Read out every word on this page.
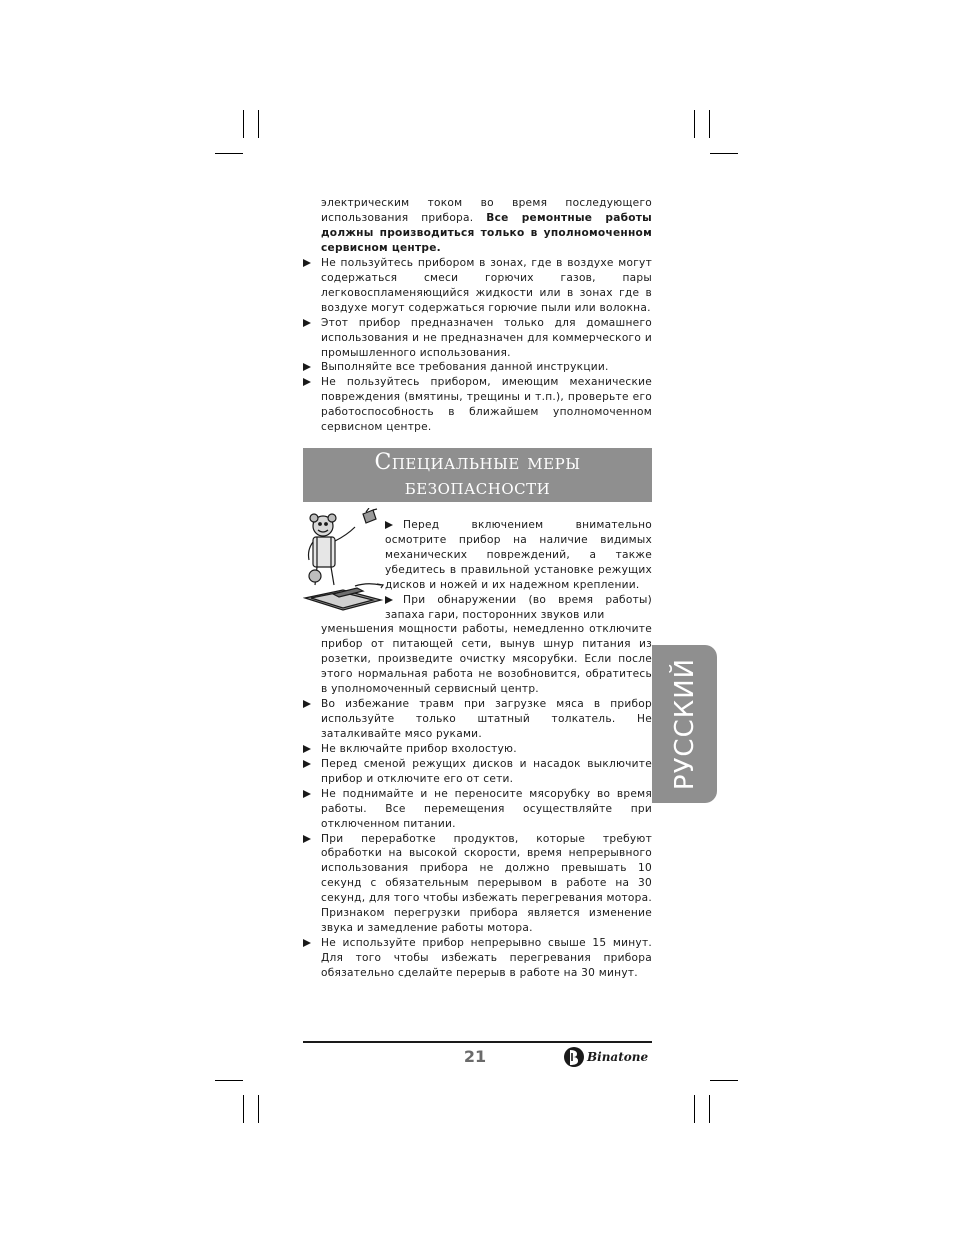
электрическим током во время последующего использования прибора. Все ремонтные работы должны производиться только в уполномоченном сервисном центре.

Не пользуйтесь прибором в зонах, где в воздухе могут содержаться смеси горючих газов, пары легковоспламеняющийся жидкости или в зонах где в воздухе могут содержаться горючие пыли или волокна.

Этот прибор предназначен только для домашнего использования и не предназначен для коммерческого и промышленного использования.

Выполняйте все требования данной инструкции.

Не пользуйтесь прибором, имеющим механические повреждения (вмятины, трещины и т.п.), проверьте его работоспособность в ближайшем уполномоченном сервисном центре.

Специальные меры
безопасности
РУССКИЙ

Перед включением внимательно осмотрите прибор на наличие видимых механических повреждений, а также убедитесь в правильной установке режущих дисков и ножей и их надежном креплении.

При обнаружении (во время работы) запаха гари, посторонних звуков или

уменьшения мощности работы, немедленно отключите прибор от питающей сети, вынув шнур питания из розетки, произведите очистку мясорубки. Если после этого нормальная работа не возобновится, обратитесь в уполномоченный сервисный центр.

Во избежание травм при загрузке мяса в прибор используйте только штатный толкатель. Не заталкивайте мясо руками.

Не включайте прибор вхолостую.

Перед сменой режущих дисков и насадок выключите прибор и отключите его от сети.

Не поднимайте и не переносите мясорубку во время работы. Все перемещения осуществляйте при отключенном питании.

При переработке продуктов, которые требуют обработки на высокой скорости, время непрерывного использования прибора не должно превышать 10 секунд с обязательным перерывом в работе на 30 секунд, для того чтобы избежать перегревания мотора. Признаком перегрузки прибора является изменение звука и замедление работы мотора.

Не используйте прибор непрерывно свыше 15 минут. Для того чтобы избежать перегревания прибора обязательно сделайте перерыв в работе на 30 минут.

21	Binatone
